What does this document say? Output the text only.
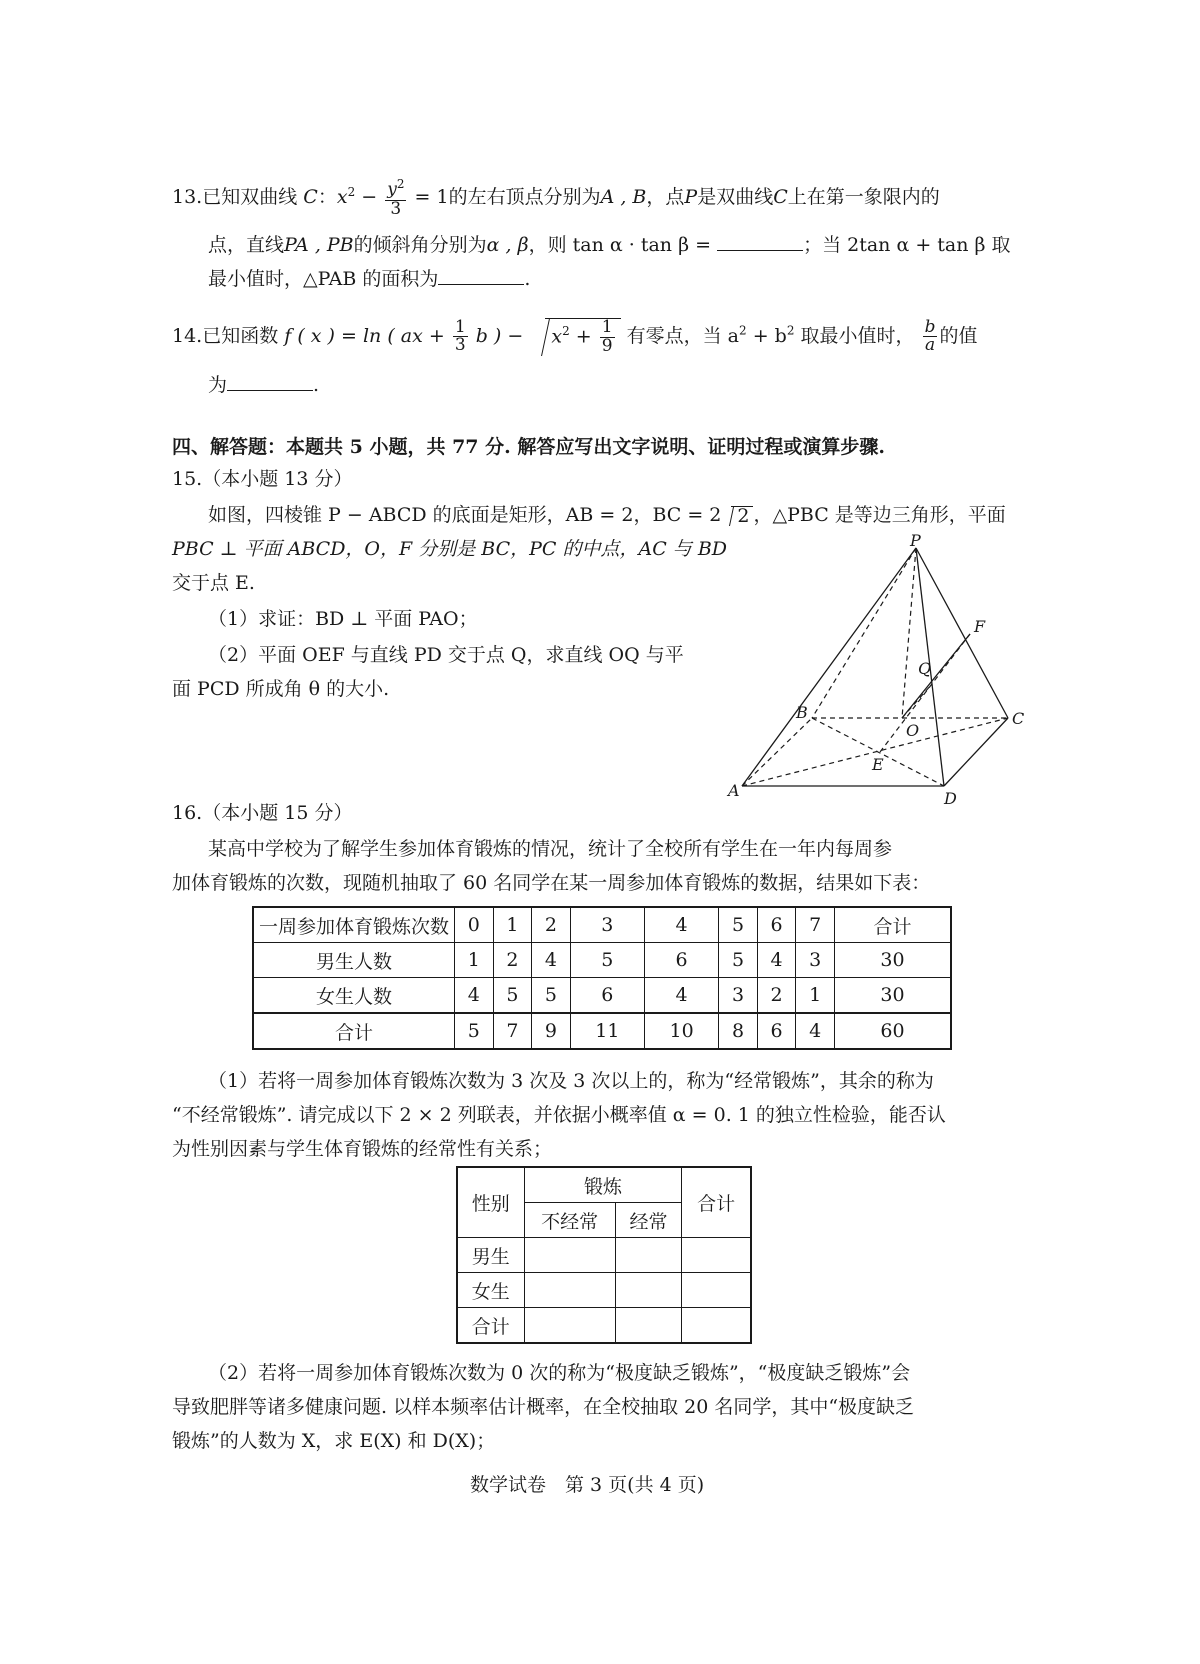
13.已知双曲线 C：$x^2 - \frac{y^2}{3} = 1$的左右顶点分别为A , B，点P是双曲线C上在第一象限内的
点，直线PA , PB的倾斜角分别为α , β，则 tan α · tan β =	；当 2tan α + tan β 取
最小值时，△PAB 的面积为	.
14.已知函数 f ( x ) = ln ( ax + $\frac{1}{3}$ b ) − $x^2 + \frac{1}{9}$ 有零点，当 $a^2 + b^2$ 取最小值时， $\frac{b}{a}$ 的值
为	.
四、解答题：本题共 5 小题，共 77 分. 解答应写出文字说明、证明过程或演算步骤.
15.（本小题 13 分）
如图，四棱锥 P − ABCD 的底面是矩形，AB = 2，BC = 2 2 ，△PBC 是等边三角形，平面
PBC ⊥ 平面 ABCD，O，F 分别是 BC，PC 的中点，AC 与 BD
交于点 E.
（1）求证：BD ⊥ 平面 PAO；
（2）平面 OEF 与直线 PD 交于点 Q，求直线 OQ 与平
面 PCD 所成角 θ 的大小.
P
F
Q
B
O
C
E
A	D
16.（本小题 15 分）
某高中学校为了解学生参加体育锻炼的情况，统计了全校所有学生在一年内每周参
加体育锻炼的次数，现随机抽取了 60 名同学在某一周参加体育锻炼的数据，结果如下表：
一周参加体育锻炼次数	0	1	2	3	4	5	6	7	合计
男生人数	1	2	4	5	6	5	4	3	30
女生人数	4	5	5	6	4	3	2	1	30
合计	5	7	9	11	10	8	6	4	60
（1）若将一周参加体育锻炼次数为 3 次及 3 次以上的，称为“经常锻炼”，其余的称为
“不经常锻炼”. 请完成以下 2 × 2 列联表，并依据小概率值 α = 0. 1 的独立性检验，能否认
为性别因素与学生体育锻炼的经常性有关系；
性别	锻炼		合计
	不经常	经常	
男生			
女生			
合计			
（2）若将一周参加体育锻炼次数为 0 次的称为“极度缺乏锻炼”，“极度缺乏锻炼”会
导致肥胖等诸多健康问题. 以样本频率估计概率，在全校抽取 20 名同学，其中“极度缺乏
锻炼”的人数为 X，求 E(X) 和 D(X)；
数学试卷　第 3 页(共 4 页)
